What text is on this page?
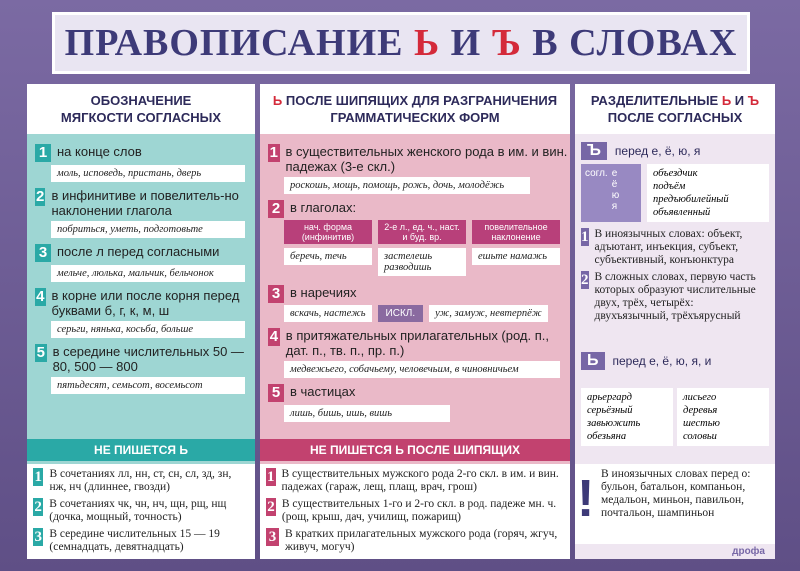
ПРАВОПИСАНИЕ Ь И Ъ В СЛОВАХ
ОБОЗНАЧЕНИЕ
МЯГКОСТИ СОГЛАСНЫХ
1 на конце слов
моль, исповедь, пристань, дверь
2 в инфинитиве и повелитель-но наклонении глагола
побриться, уметь, подготовьте
3 после л перед согласными
мельче, люлька, мальчик, бельчонок
4 в корне или после корня перед буквами б, г, к, м, ш
серьги, нянька, косьба, больше
5 в середине числительных 50 — 80, 500 — 800
пятьдесят, семьсот, восемьсот
НЕ ПИШЕТСЯ Ь
1 В сочетаниях лл, нн, ст, сн, сл, зд, зн, нж, нч (длиннее, гвозди)
2 В сочетаниях чк, чн, нч, щн, рщ, нщ (дочка, мощный, точность)
3 В середине числительных 15 — 19 (семнадцать, девятнадцать)
Ь ПОСЛЕ ШИПЯЩИХ ДЛЯ РАЗГРАНИЧЕНИЯ
ГРАММАТИЧЕСКИХ ФОРМ
1 в существительных женского рода в им. и вин. падежах (3-е скл.)
роскошь, мощь, помощь, рожь, дочь, молодёжь
2 в глаголах:
нач. форма (инфинитив)
беречь, течь
2-е л., ед. ч., наст. и буд. вр.
застелешь разводишь
повелительное наклонение
ешьте намажь
3 в наречиях
вскачь, настежь	ИСКЛ.	уж, замуж, невтерпёж
4 в притяжательных прилагательных (род. п., дат. п., тв. п., пр. п.)
медвежьего, собачьему, человечьим, в чиновничьем
5 в частицах
лишь, бишь, ишь, вишь
НЕ ПИШЕТСЯ Ь ПОСЛЕ ШИПЯЩИХ
1 В существительных мужского рода 2-го скл. в им. и вин. падежах (гараж, лещ, плащ, врач, грош)
2 В существительных 1-го и 2-го скл. в род. падеже мн. ч. (рощ, крыш, дач, училищ, пожарищ)
3 В кратких прилагательных мужского рода (горяч, жгуч, живуч, могуч)
РАЗДЕЛИТЕЛЬНЫЕ Ь И Ъ
ПОСЛЕ СОГЛАСНЫХ
Ъ	перед е, ё, ю, я
согл. е
ё
ю
я
объездчик
подъём
предъюбилейный
объявленный
1 В иноязычных словах: объект, адъютант, инъекция, субъект, субъективный, конъюнктура
2 В сложных словах, первую часть которых образуют числительные двух, трёх, четырёх: двухъязычный, трёхъярусный
Ь	перед е, ё, ю, я, и
арьергард
серьёзный
завьюжить
обезьяна
лисьего
деревья
шестью
соловьи
В иноязычных словах перед о: бульон, батальон, компаньон, медальон, миньон, павильон, почтальон, шампиньон
!
дрофа
